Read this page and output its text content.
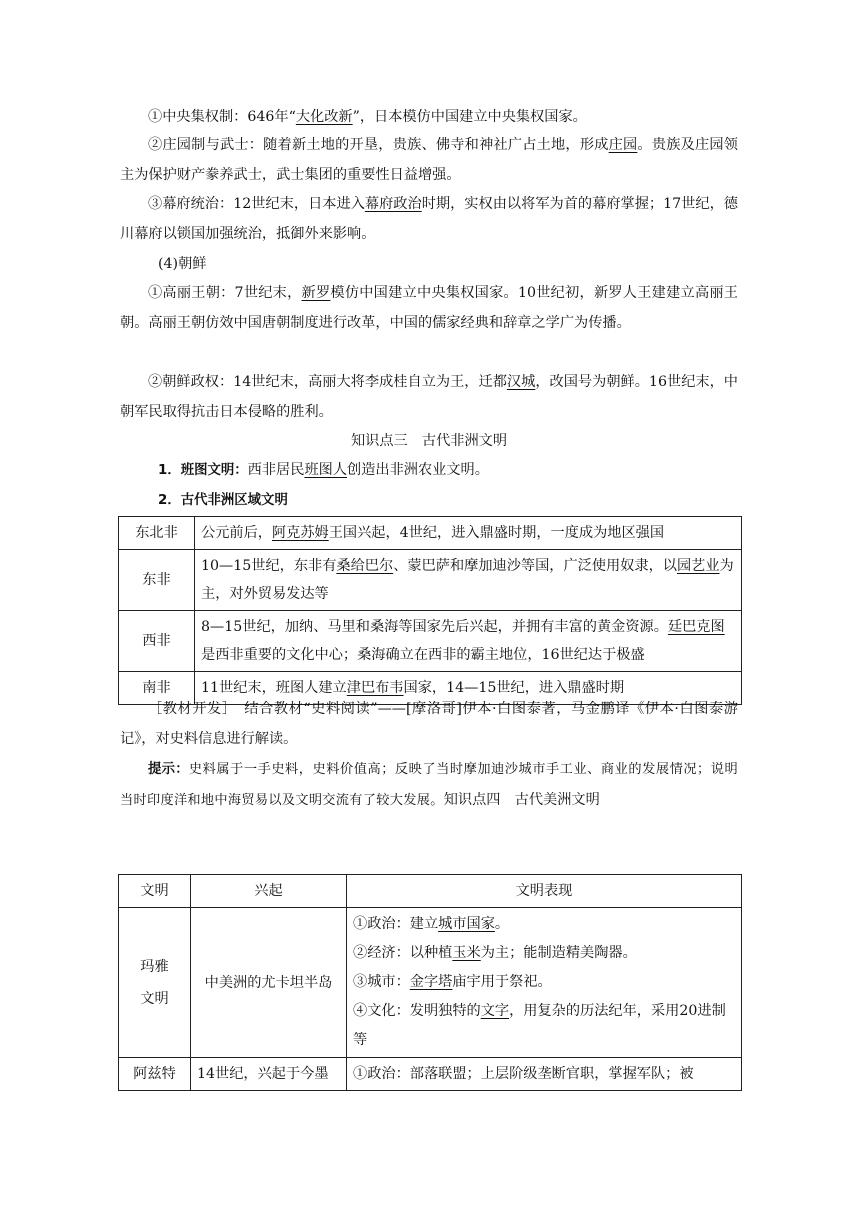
①中央集权制：646年“大化改新”，日本模仿中国建立中央集权国家。

②庄园制与武士：随着新土地的开垦，贵族、佛寺和神社广占土地，形成庄园。贵族及庄园领主为保护财产豢养武士，武士集团的重要性日益增强。

③幕府统治：12世纪末，日本进入幕府政治时期，实权由以将军为首的幕府掌握；17世纪，德川幕府以锁国加强统治，抵御外来影响。

(4)朝鲜

①高丽王朝：7世纪末，新罗模仿中国建立中央集权国家。10世纪初，新罗人王建建立高丽王朝。高丽王朝仿效中国唐朝制度进行改革，中国的儒家经典和辞章之学广为传播。

②朝鲜政权：14世纪末，高丽大将李成桂自立为王，迁都汉城，改国号为朝鲜。16世纪末，中朝军民取得抗击日本侵略的胜利。

知识点三　古代非洲文明

1．班图文明：西非居民班图人创造出非洲农业文明。

2．古代非洲区域文明

东北非	公元前后，阿克苏姆王国兴起，4世纪，进入鼎盛时期，一度成为地区强国
东非	10—15世纪，东非有桑给巴尔、蒙巴萨和摩加迪沙等国，广泛使用奴隶，以园艺业为主，对外贸易发达等
西非	8—15世纪，加纳、马里和桑海等国家先后兴起，并拥有丰富的黄金资源。廷巴克图是西非重要的文化中心；桑海确立在西非的霸主地位，16世纪达于极盛
南非	11世纪末，班图人建立津巴布韦国家，14—15世纪，进入鼎盛时期

［教材开发］　结合教材“史料阅读”——[摩洛哥]伊本·白图泰著，马金鹏译《伊本·白图泰游记》，对史料信息进行解读。

提示：史料属于一手史料，史料价值高；反映了当时摩加迪沙城市手工业、商业的发展情况；说明当时印度洋和地中海贸易以及文明交流有了较大发展。知识点四　古代美洲文明

文明	兴起	文明表现

玛雅文明	中美洲的尤卡坦半岛	①政治：建立城市国家。
②经济：以种植玉米为主；能制造精美陶器。
③城市：金字塔庙宇用于祭祀。
④文化：发明独特的文字，用复杂的历法纪年，采用20进制等

阿兹特	14世纪，兴起于今墨	①政治：部落联盟；上层阶级垄断官职，掌握军队；被
